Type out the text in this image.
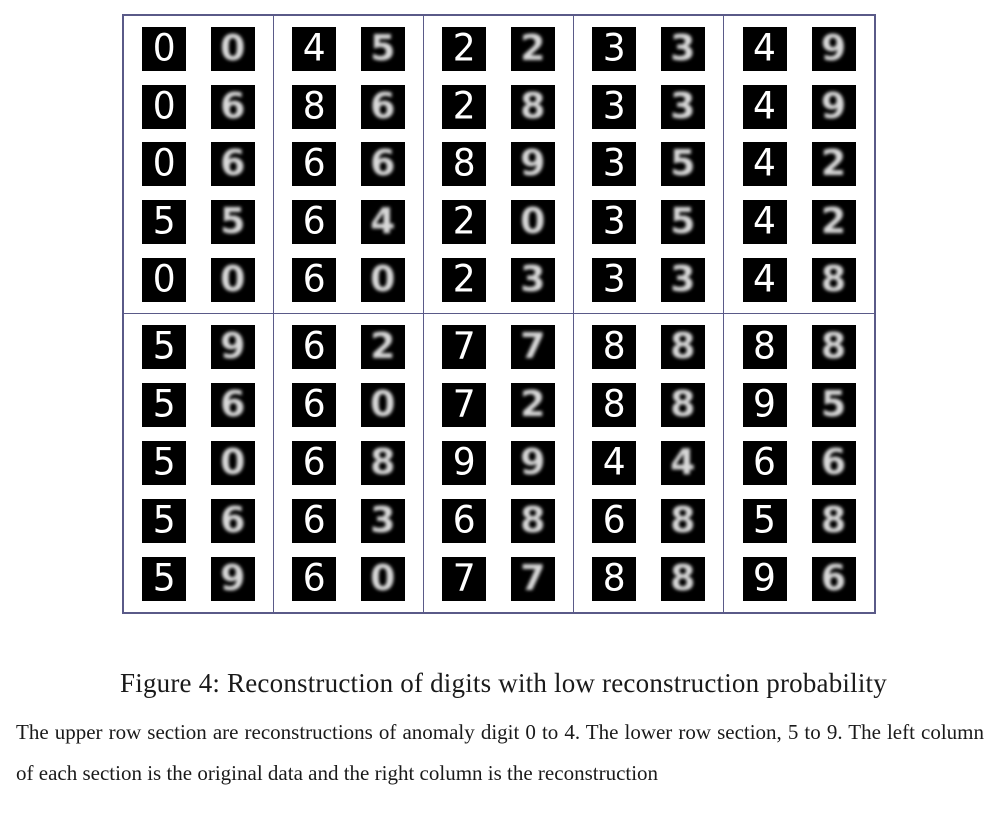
0 0
0 6
0 6
5 5
0 0
4 5
8 6
6 6
6 4
6 0
2 2
2 8
8 9
2 0
2 3
3 3
3 3
3 5
3 5
3 3
4 9
4 9
4 2
4 2
4 8
5 9
5 6
5 0
5 6
5 9
6 2
6 0
6 8
6 3
6 0
7 7
7 2
9 9
6 8
7 7
8 8
8 8
4 4
6 8
8 8
8 8
9 5
6 6
5 8
9 6
Figure 4: Reconstruction of digits with low reconstruction probability
The upper row section are reconstructions of anomaly digit 0 to 4. The lower row section, 5 to 9. The left column of each section is the original data and the right column is the reconstruction
